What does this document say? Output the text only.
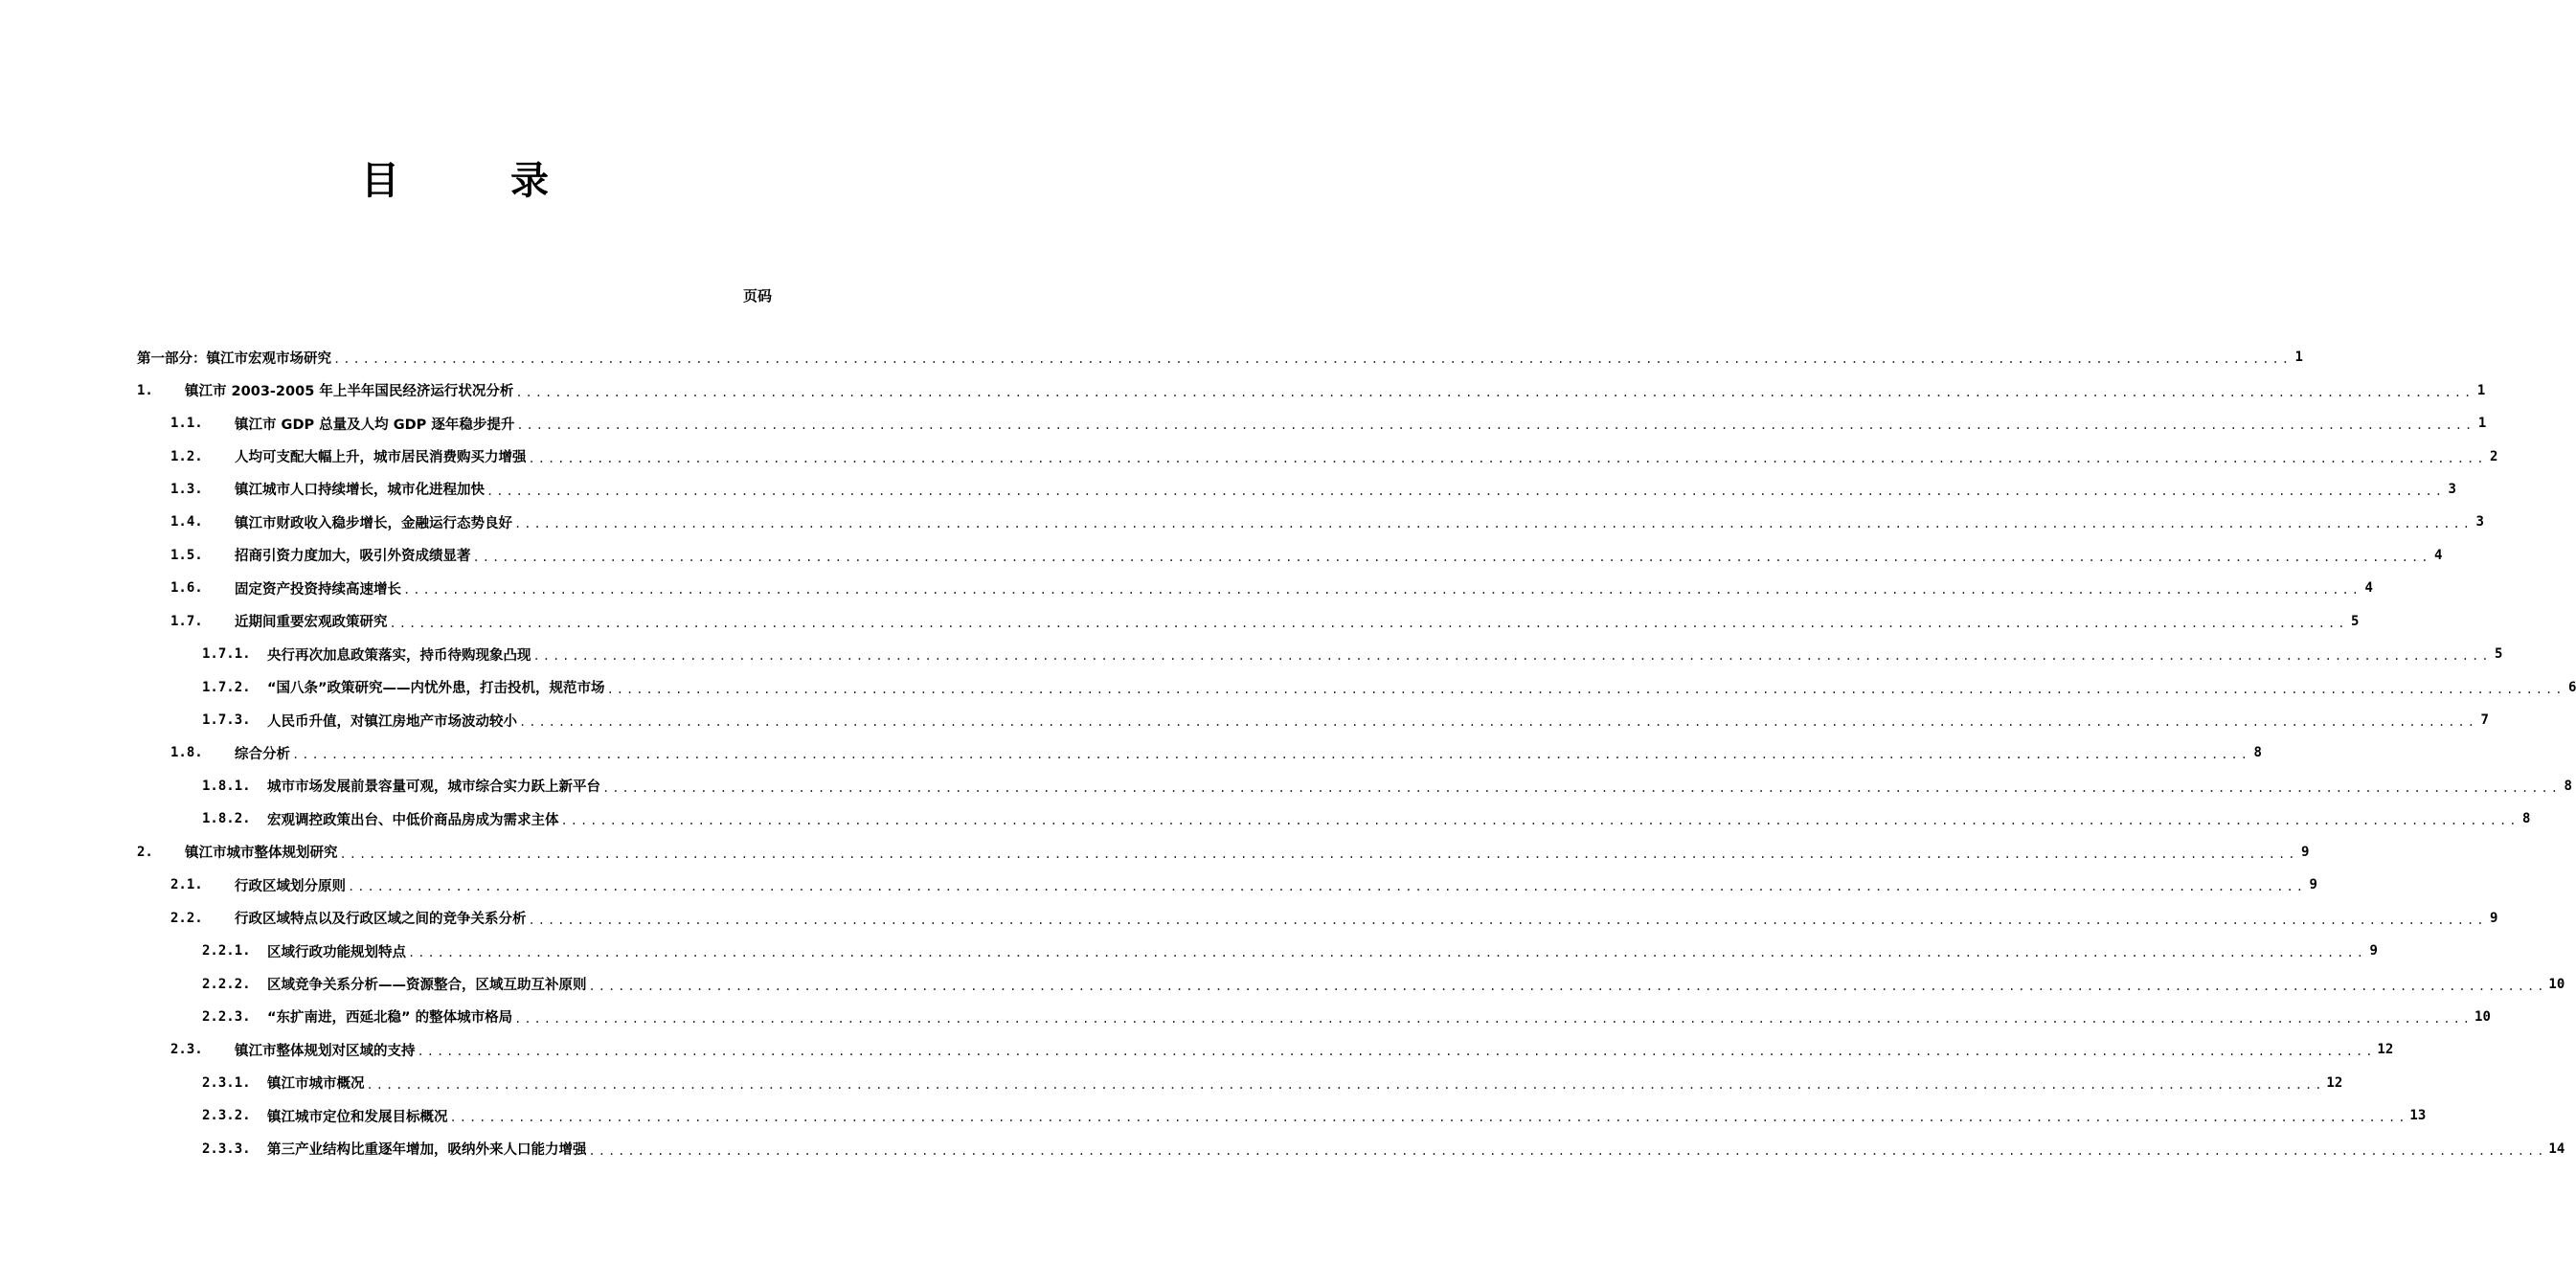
目　录
页码
第一部分：镇江市宏观市场研究 ........................................................................................................................................................................................................ 1
1.	镇江市 2003-2005 年上半年国民经济运行状况分析 ........................................................................................................................................................................................................ 1
1.1.	镇江市 GDP 总量及人均 GDP 逐年稳步提升 ........................................................................................................................................................................................................ 1
1.2.	人均可支配大幅上升，城市居民消费购买力增强 ........................................................................................................................................................................................................ 2
1.3.	镇江城市人口持续增长，城市化进程加快 ........................................................................................................................................................................................................ 3
1.4.	镇江市财政收入稳步增长，金融运行态势良好 ........................................................................................................................................................................................................ 3
1.5.	招商引资力度加大，吸引外资成绩显著 ........................................................................................................................................................................................................ 4
1.6.	固定资产投资持续高速增长 ........................................................................................................................................................................................................ 4
1.7.	近期间重要宏观政策研究 ........................................................................................................................................................................................................ 5
1.7.1.	央行再次加息政策落实，持币待购现象凸现 ........................................................................................................................................................................................................ 5
1.7.2.	“国八条”政策研究——内忧外患，打击投机，规范市场 ........................................................................................................................................................................................................ 6
1.7.3.	人民币升值，对镇江房地产市场波动较小 ........................................................................................................................................................................................................ 7
1.8.	综合分析 ........................................................................................................................................................................................................ 8
1.8.1.	城市市场发展前景容量可观，城市综合实力跃上新平台 ........................................................................................................................................................................................................ 8
1.8.2.	宏观调控政策出台、中低价商品房成为需求主体 ........................................................................................................................................................................................................ 8
2.	镇江市城市整体规划研究 ........................................................................................................................................................................................................ 9
2.1.	行政区域划分原则 ........................................................................................................................................................................................................ 9
2.2.	行政区域特点以及行政区域之间的竞争关系分析 ........................................................................................................................................................................................................ 9
2.2.1.	区域行政功能规划特点 ........................................................................................................................................................................................................ 9
2.2.2.	区域竞争关系分析——资源整合，区域互助互补原则 ........................................................................................................................................................................................................ 10
2.2.3.	“东扩南进，西延北稳” 的整体城市格局 ........................................................................................................................................................................................................ 10
2.3.	镇江市整体规划对区域的支持 ........................................................................................................................................................................................................ 12
2.3.1.	镇江市城市概况 ........................................................................................................................................................................................................ 12
2.3.2.	镇江城市定位和发展目标概况 ........................................................................................................................................................................................................ 13
2.3.3.	第三产业结构比重逐年增加，吸纳外来人口能力增强 ........................................................................................................................................................................................................ 14
